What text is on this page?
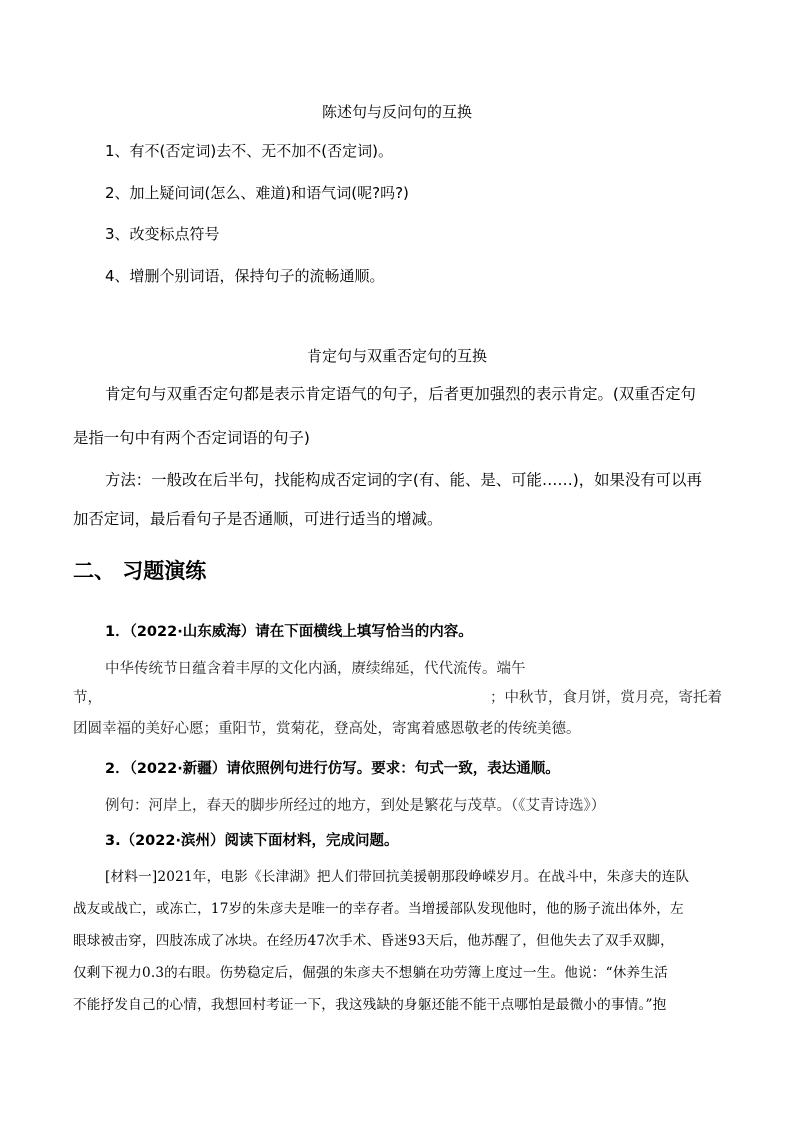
陈述句与反问句的互换
1、有不(否定词)去不、无不加不(否定词)。
2、加上疑问词(怎么、难道)和语气词(呢?吗?)
3、改变标点符号
4、增删个别词语，保持句子的流畅通顺。
肯定句与双重否定句的互换
肯定句与双重否定句都是表示肯定语气的句子，后者更加强烈的表示肯定。(双重否定句
是指一句中有两个否定词语的句子)
方法：一般改在后半句，找能构成否定词的字(有、能、是、可能……)，如果没有可以再
加否定词，最后看句子是否通顺，可进行适当的增减。
二、 习题演练
1．（2022·山东威海）请在下面横线上填写恰当的内容。
中华传统节日蕴含着丰厚的文化内涵，赓续绵延，代代流传。端午
节，	；中秋节，食月饼，赏月亮，寄托着
团圆幸福的美好心愿；重阳节，赏菊花，登高处，寄寓着感恩敬老的传统美德。
2．（2022·新疆）请依照例句进行仿写。要求：句式一致，表达通顺。
例句：河岸上，春天的脚步所经过的地方，到处是繁花与茂草。（《艾青诗选》）
3.（2022·滨州）阅读下面材料，完成问题。
[材料一]2021年，电影《长津湖》把人们带回抗美援朝那段峥嵘岁月。在战斗中，朱彦夫的连队
战友或战亡，或冻亡，17岁的朱彦夫是唯一的幸存者。当增援部队发现他时，他的肠子流出体外，左
眼球被击穿，四肢冻成了冰块。在经历47次手术、昏迷93天后，他苏醒了，但他失去了双手双脚，
仅剩下视力0.3的右眼。伤势稳定后，倔强的朱彦夫不想躺在功劳簿上度过一生。他说：“休养生活
不能抒发自己的心情，我想回村考证一下，我这残缺的身躯还能不能干点哪怕是最微小的事情。”抱
